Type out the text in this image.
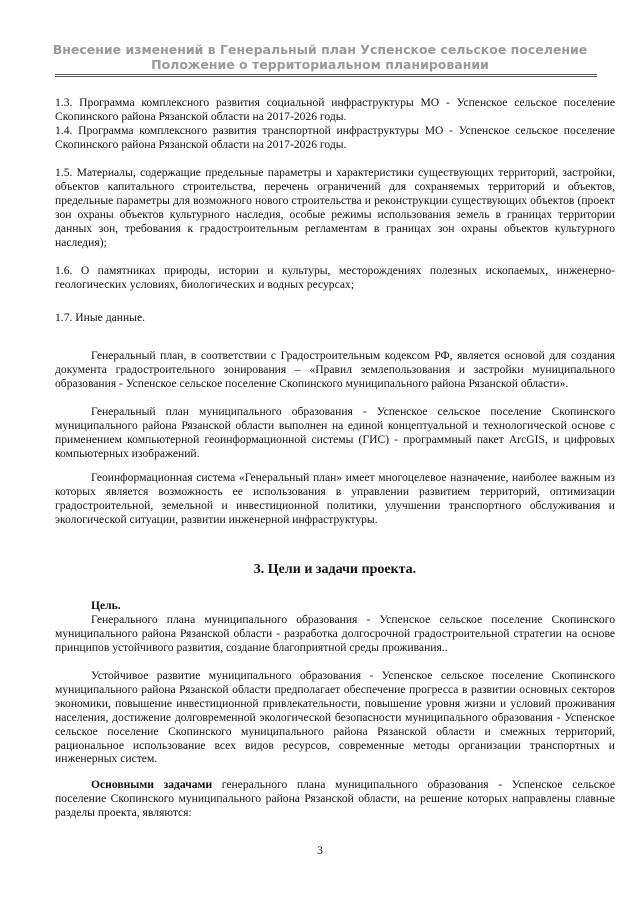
Внесение изменений в Генеральный план Успенское сельское поселение
Положение о территориальном планировании

1.3. Программа комплексного развития социальной инфраструктуры МО - Успенское сельское поселение Скопинского района Рязанской области на 2017-2026 годы.

1.4. Программа комплексного развития транспортной инфраструктуры МО - Успенское сельское поселение Скопинского района Рязанской области на 2017-2026 годы.

1.5. Материалы, содержащие предельные параметры и характеристики существующих территорий, застройки, объектов капитального строительства, перечень ограничений для сохраняемых территорий и объектов, предельные параметры для возможного нового строительства и реконструкции существующих объектов (проект зон охраны объектов культурного наследия, особые режимы использования земель в границах территории данных зон, требования к градостроительным регламентам в границах зон охраны объектов культурного наследия);

1.6. О памятниках природы, истории и культуры, месторождениях полезных ископаемых, инженерно-геологических условиях, биологических и водных ресурсах;

1.7. Иные данные.

Генеральный план, в соответствии с Градостроительным кодексом РФ, является основой для создания документа градостроительного зонирования – «Правил землепользования и застройки муниципального образования - Успенское сельское поселение Скопинского муниципального района Рязанской области».

Генеральный план муниципального образования - Успенское сельское поселение Скопинского муниципального района Рязанской области выполнен на единой концептуальной и технологической основе с применением компьютерной геоинформационной системы (ГИС) - программный пакет ArcGIS, и цифровых компьютерных изображений.

Геоинформационная система «Генеральный план» имеет многоцелевое назначение, наиболее важным из которых является возможность ее использования в управлении развитием территорий, оптимизации градостроительной, земельной и инвестиционной политики, улучшении транспортного обслуживания и экологической ситуации, развитии инженерной инфраструктуры.

3. Цели и задачи проекта.

Цель.

Генерального плана муниципального образования - Успенское сельское поселение Скопинского муниципального района Рязанской области - разработка долгосрочной градостроительной стратегии на основе принципов устойчивого развития, создание благоприятной среды проживания..

Устойчивое развитие муниципального образования - Успенское сельское поселение Скопинского муниципального района Рязанской области предполагает обеспечение прогресса в развитии основных секторов экономики, повышение инвестиционной привлекательности, повышение уровня жизни и условий проживания населения, достижение долговременной экологической безопасности муниципального образования - Успенское сельское поселение Скопинского муниципального района Рязанской области и смежных территорий, рациональное использование всех видов ресурсов, современные методы организации транспортных и инженерных систем.

Основными задачами генерального плана муниципального образования - Успенское сельское поселение Скопинского муниципального района Рязанской области, на решение которых направлены главные разделы проекта, являются:

3
